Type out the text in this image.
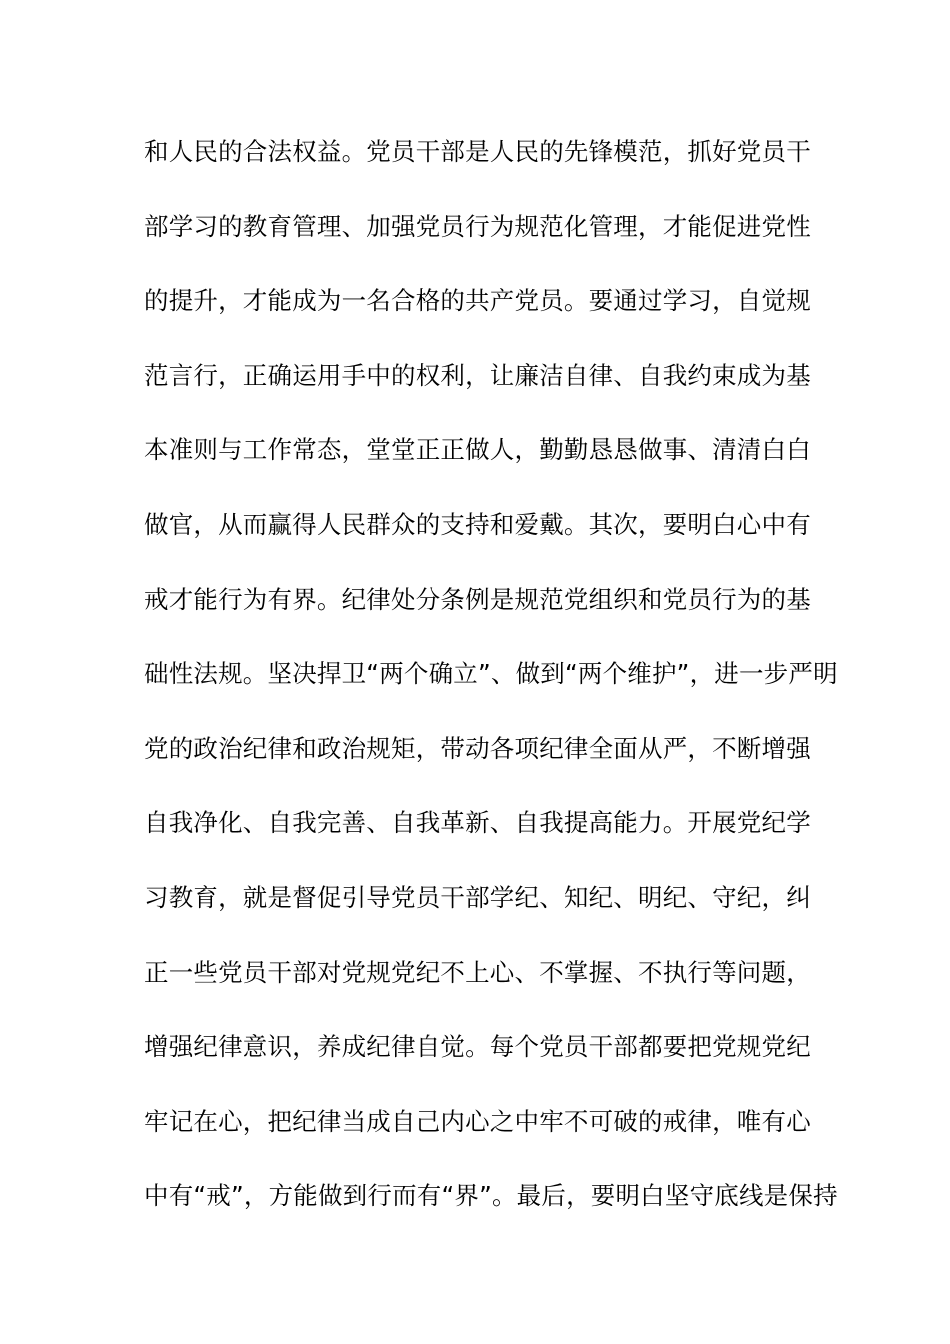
和人民的合法权益。党员干部是人民的先锋模范，抓好党员干
部学习的教育管理、加强党员行为规范化管理，才能促进党性
的提升，才能成为一名合格的共产党员。要通过学习，自觉规
范言行，正确运用手中的权利，让廉洁自律、自我约束成为基
本准则与工作常态，堂堂正正做人，勤勤恳恳做事、清清白白
做官，从而赢得人民群众的支持和爱戴。其次，要明白心中有
戒才能行为有界。纪律处分条例是规范党组织和党员行为的基
础性法规。坚决捍卫“两个确立”、做到“两个维护”，进一步严明
党的政治纪律和政治规矩，带动各项纪律全面从严，不断增强
自我净化、自我完善、自我革新、自我提高能力。开展党纪学
习教育，就是督促引导党员干部学纪、知纪、明纪、守纪，纠
正一些党员干部对党规党纪不上心、不掌握、不执行等问题，
增强纪律意识，养成纪律自觉。每个党员干部都要把党规党纪
牢记在心，把纪律当成自己内心之中牢不可破的戒律，唯有心
中有“戒”，方能做到行而有“界”。最后，要明白坚守底线是保持
